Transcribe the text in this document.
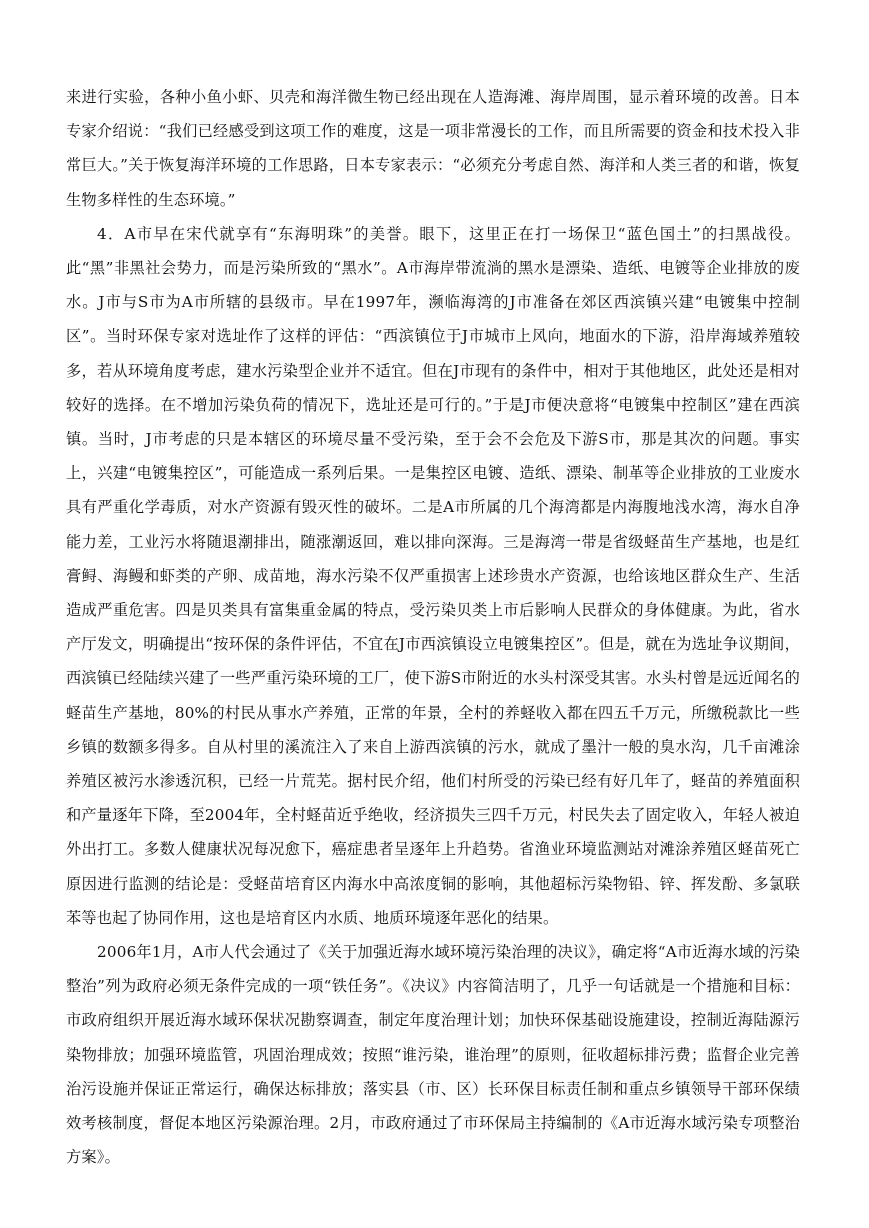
来进行实验，各种小鱼小虾、贝壳和海洋微生物已经出现在人造海滩、海岸周围，显示着环境的改善。日本专家介绍说：“我们已经感受到这项工作的难度，这是一项非常漫长的工作，而且所需要的资金和技术投入非常巨大。”关于恢复海洋环境的工作思路，日本专家表示：“必须充分考虑自然、海洋和人类三者的和谐，恢复生物多样性的生态环境。”

4．A市早在宋代就享有“东海明珠”的美誉。眼下，这里正在打一场保卫“蓝色国土”的扫黑战役。此“黑”非黑社会势力，而是污染所致的“黑水”。A市海岸带流淌的黑水是漂染、造纸、电镀等企业排放的废水。J市与S市为A市所辖的县级市。早在1997年，濒临海湾的J市准备在郊区西滨镇兴建“电镀集中控制区”。当时环保专家对选址作了这样的评估：“西滨镇位于J市城市上风向，地面水的下游，沿岸海域养殖较多，若从环境角度考虑，建水污染型企业并不适宜。但在J市现有的条件中，相对于其他地区，此处还是相对较好的选择。在不增加污染负荷的情况下，选址还是可行的。”于是J市便决意将“电镀集中控制区”建在西滨镇。当时，J市考虑的只是本辖区的环境尽量不受污染，至于会不会危及下游S市，那是其次的问题。事实上，兴建“电镀集控区”，可能造成一系列后果。一是集控区电镀、造纸、漂染、制革等企业排放的工业废水具有严重化学毒质，对水产资源有毁灭性的破坏。二是A市所属的几个海湾都是内海腹地浅水湾，海水自净能力差，工业污水将随退潮排出，随涨潮返回，难以排向深海。三是海湾一带是省级蛏苗生产基地，也是红膏鲟、海鳗和虾类的产卵、成苗地，海水污染不仅严重损害上述珍贵水产资源，也给该地区群众生产、生活造成严重危害。四是贝类具有富集重金属的特点，受污染贝类上市后影响人民群众的身体健康。为此，省水产厅发文，明确提出“按环保的条件评估，不宜在J市西滨镇设立电镀集控区”。但是，就在为选址争议期间，西滨镇已经陆续兴建了一些严重污染环境的工厂，使下游S市附近的水头村深受其害。水头村曾是远近闻名的蛏苗生产基地，80%的村民从事水产养殖，正常的年景，全村的养蛏收入都在四五千万元，所缴税款比一些乡镇的数额多得多。自从村里的溪流注入了来自上游西滨镇的污水，就成了墨汁一般的臭水沟，几千亩滩涂养殖区被污水渗透沉积，已经一片荒芜。据村民介绍，他们村所受的污染已经有好几年了，蛏苗的养殖面积和产量逐年下降，至2004年，全村蛏苗近乎绝收，经济损失三四千万元，村民失去了固定收入，年轻人被迫外出打工。多数人健康状况每况愈下，癌症患者呈逐年上升趋势。省渔业环境监测站对滩涂养殖区蛏苗死亡原因进行监测的结论是：受蛏苗培育区内海水中高浓度铜的影响，其他超标污染物铅、锌、挥发酚、多氯联苯等也起了协同作用，这也是培育区内水质、地质环境逐年恶化的结果。

2006年1月，A市人代会通过了《关于加强近海水域环境污染治理的决议》，确定将“A市近海水域的污染整治”列为政府必须无条件完成的一项“铁任务”。《决议》内容简洁明了，几乎一句话就是一个措施和目标：市政府组织开展近海水域环保状况勘察调查，制定年度治理计划；加快环保基础设施建设，控制近海陆源污染物排放；加强环境监管，巩固治理成效；按照“谁污染，谁治理”的原则，征收超标排污费；监督企业完善治污设施并保证正常运行，确保达标排放；落实县（市、区）长环保目标责任制和重点乡镇领导干部环保绩效考核制度，督促本地区污染源治理。2月，市政府通过了市环保局主持编制的《A市近海水域污染专项整治方案》。
